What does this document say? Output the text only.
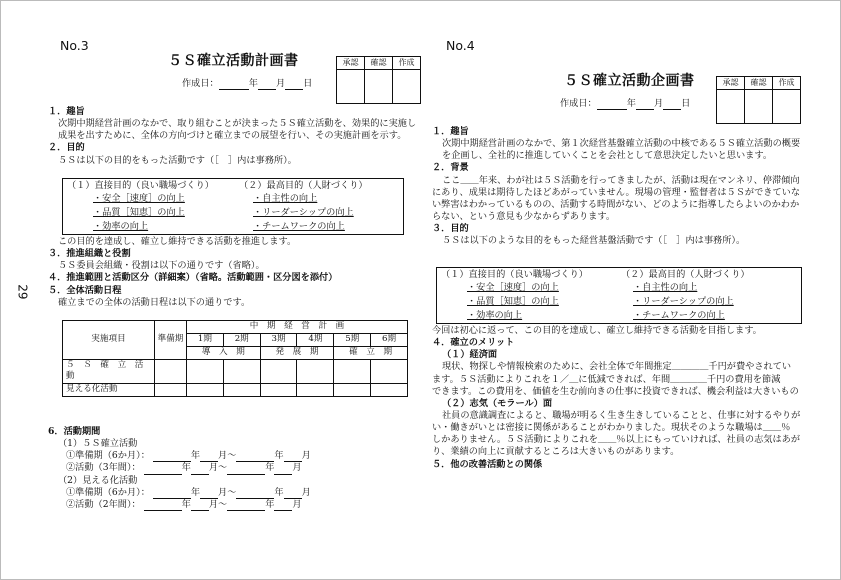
29
No.3
５Ｓ確立活動計画書
作成日：	年 月 日
承認	確認	作成

１．趣旨
次期中期経営計画のなかで、取り組むことが決まった５Ｓ確立活動を、効果的に実施し
成果を出すために、全体の方向づけと確立までの展望を行い、その実施計画を示す。
２．目的
５Ｓは以下の目的をもった活動です（［　］内は事務所）。
（１）直接目的（良い職場づくり）	（２）最高目的（人財づくり）
・安全［速度］の向上	・自主性の向上
・品質［知恵］の向上	・リーダーシップの向上
・効率の向上	・チームワークの向上
この目的を達成し、確立し維持できる活動を推進します。
３．推進組織と役割
５Ｓ委員会組織・役割は以下の通りです（省略）。
４．推進範囲と活動区分（詳細案）（省略。活動範囲・区分図を添付）
５．全体活動日程
確立までの全体の活動日程は以下の通りです。
実施項目	準備期	中　期　経　営　計　画					
		1期	2期	3期	4期	5期	6期
		導　入　期		発　展　期		確　立　期	
５　Ｓ　確　立　活　動							
見える化活動							

6．活動期間
（1）５Ｓ確立活動
①準備期（6か月）：	年 月〜	年 月
②活動（3年間）：	年 月〜	年 月
（2）見える化活動
①準備期（6か月）：	年 月〜	年 月
②活動（2年間）：	年 月〜	年 月
No.4
５Ｓ確立活動企画書
作成日：	年 月 日
承認	確認	作成

１．趣旨
次期中期経営計画のなかで、第１次経営基盤確立活動の中核である５Ｓ確立活動の概要
を企画し、全社的に推進していくことを会社として意思決定したいと思います。
２．背景
ここ＿＿年来、わが社は５Ｓ活動を行ってきましたが、活動は現在マンネリ、停滞傾向
にあり、成果は期待したほどあがっていません。現場の管理・監督者は５Ｓができていな
い弊害はわかっているものの、活動する時間がない、どのように指導したらよいのかわか
らない、という意見も少なからずあります。
３．目的
５Ｓは以下のような目的をもった経営基盤活動です（［　］内は事務所）。
（１）直接目的（良い職場づくり）	（２）最高目的（人財づくり）
・安全［速度］の向上	・自主性の向上
・品質［知恵］の向上	・リーダーシップの向上
・効率の向上	・チームワークの向上
今回は初心に返って、この目的を達成し、確立し維持できる活動を目指します。
４．確立のメリット
（１）経済面
現状、物探しや情報検索のために、会社全体で年間推定＿＿＿＿千円が費やされてい
ます。５Ｓ活動によりこれを１／＿に低減できれば、年間＿＿＿＿千円の費用を節減
できます。この費用を、価値を生む前向きの仕事に投資できれば、機会利益は大きいもの
（２）志気（モラール）面
社員の意識調査によると、職場が明るく生き生きしていることと、仕事に対するやりが
い・働きがいとは密接に関係があることがわかりました。現状そのような職場は＿＿％
しかありません。５Ｓ活動によりこれを＿＿％以上にもっていければ、社員の志気はあが
り、業績の向上に貢献するところは大きいものがあります。
５．他の改善活動との関係
